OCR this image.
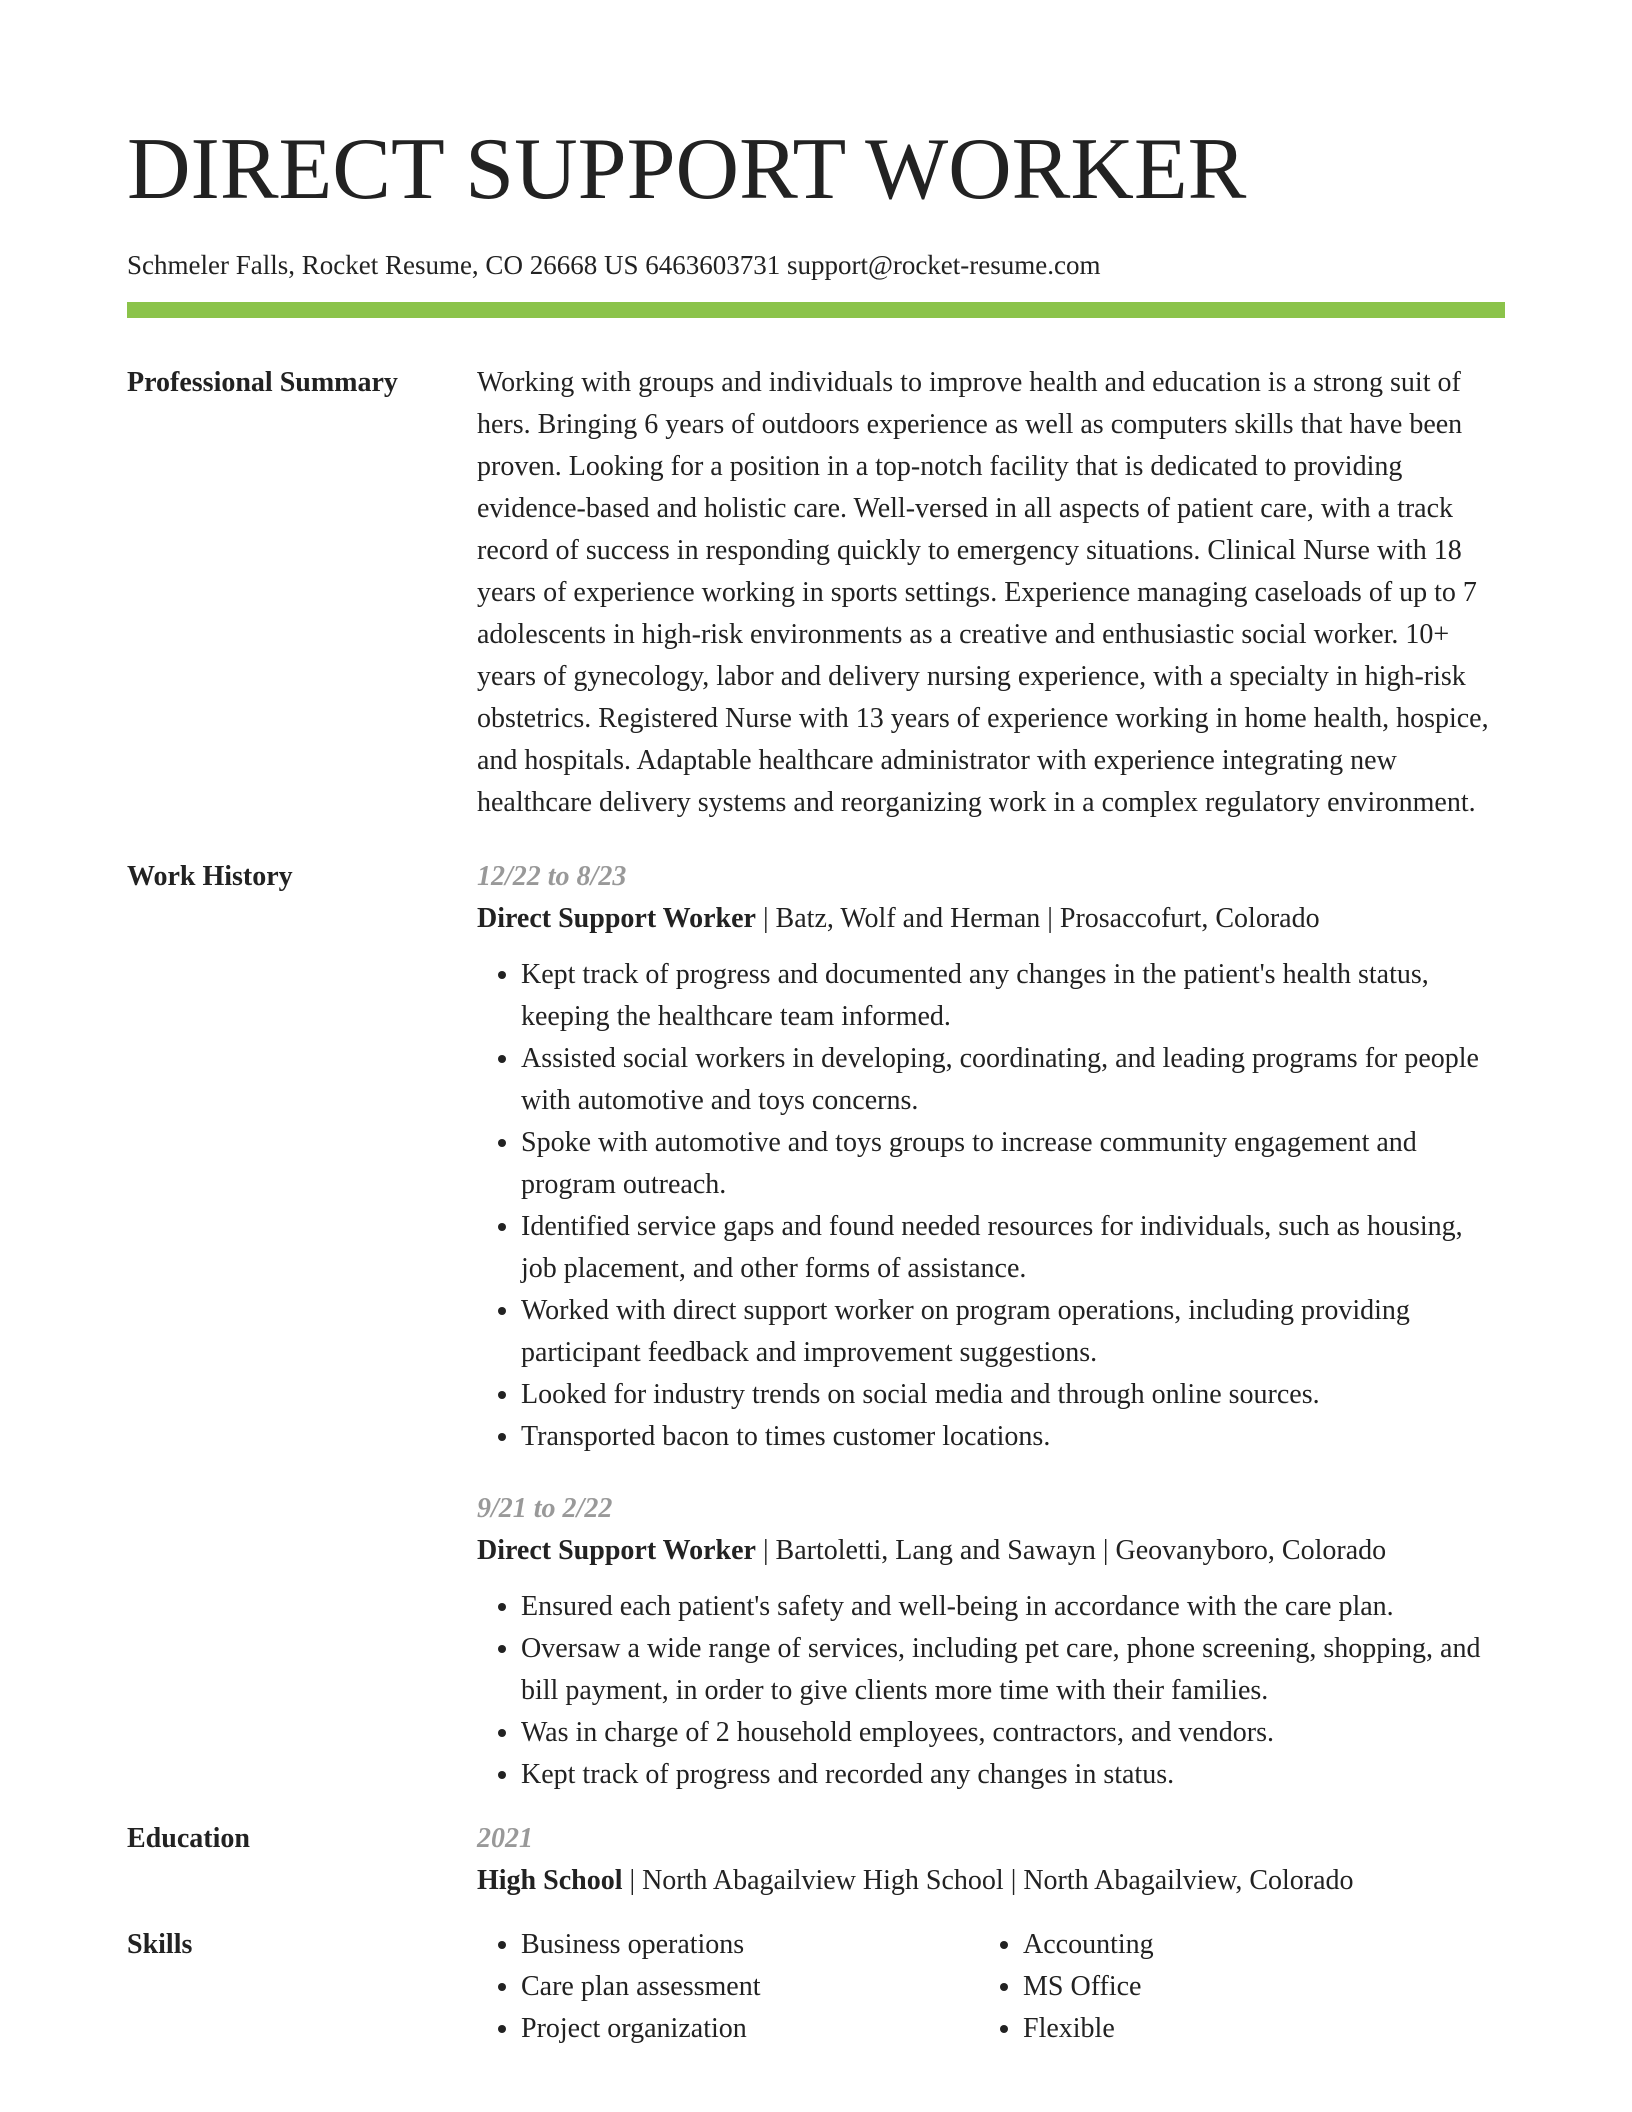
DIRECT SUPPORT WORKER
Schmeler Falls, Rocket Resume, CO 26668 US 6463603731 support@rocket-resume.com
Professional Summary	Working with groups and individuals to improve health and education is a strong suit of hers. Bringing 6 years of outdoors experience as well as computers skills that have been proven. Looking for a position in a top-notch facility that is dedicated to providing evidence-based and holistic care. Well-versed in all aspects of patient care, with a track record of success in responding quickly to emergency situations. Clinical Nurse with 18 years of experience working in sports settings. Experience managing caseloads of up to 7 adolescents in high-risk environments as a creative and enthusiastic social worker. 10+ years of gynecology, labor and delivery nursing experience, with a specialty in high-risk obstetrics. Registered Nurse with 13 years of experience working in home health, hospice, and hospitals. Adaptable healthcare administrator with experience integrating new healthcare delivery systems and reorganizing work in a complex regulatory environment.
Work History	12/22 to 8/23
Direct Support Worker | Batz, Wolf and Herman | Prosaccofurt, Colorado
• Kept track of progress and documented any changes in the patient's health status, keeping the healthcare team informed.
• Assisted social workers in developing, coordinating, and leading programs for people with automotive and toys concerns.
• Spoke with automotive and toys groups to increase community engagement and program outreach.
• Identified service gaps and found needed resources for individuals, such as housing, job placement, and other forms of assistance.
• Worked with direct support worker on program operations, including providing participant feedback and improvement suggestions.
• Looked for industry trends on social media and through online sources.
• Transported bacon to times customer locations.
9/21 to 2/22
Direct Support Worker | Bartoletti, Lang and Sawayn | Geovanyboro, Colorado
• Ensured each patient's safety and well-being in accordance with the care plan.
• Oversaw a wide range of services, including pet care, phone screening, shopping, and bill payment, in order to give clients more time with their families.
• Was in charge of 2 household employees, contractors, and vendors.
• Kept track of progress and recorded any changes in status.
Education	2021
High School | North Abagailview High School | North Abagailview, Colorado
Skills
•	Business operations
• Care plan assessment
• Project organization
• Accounting
• MS Office
• Flexible
